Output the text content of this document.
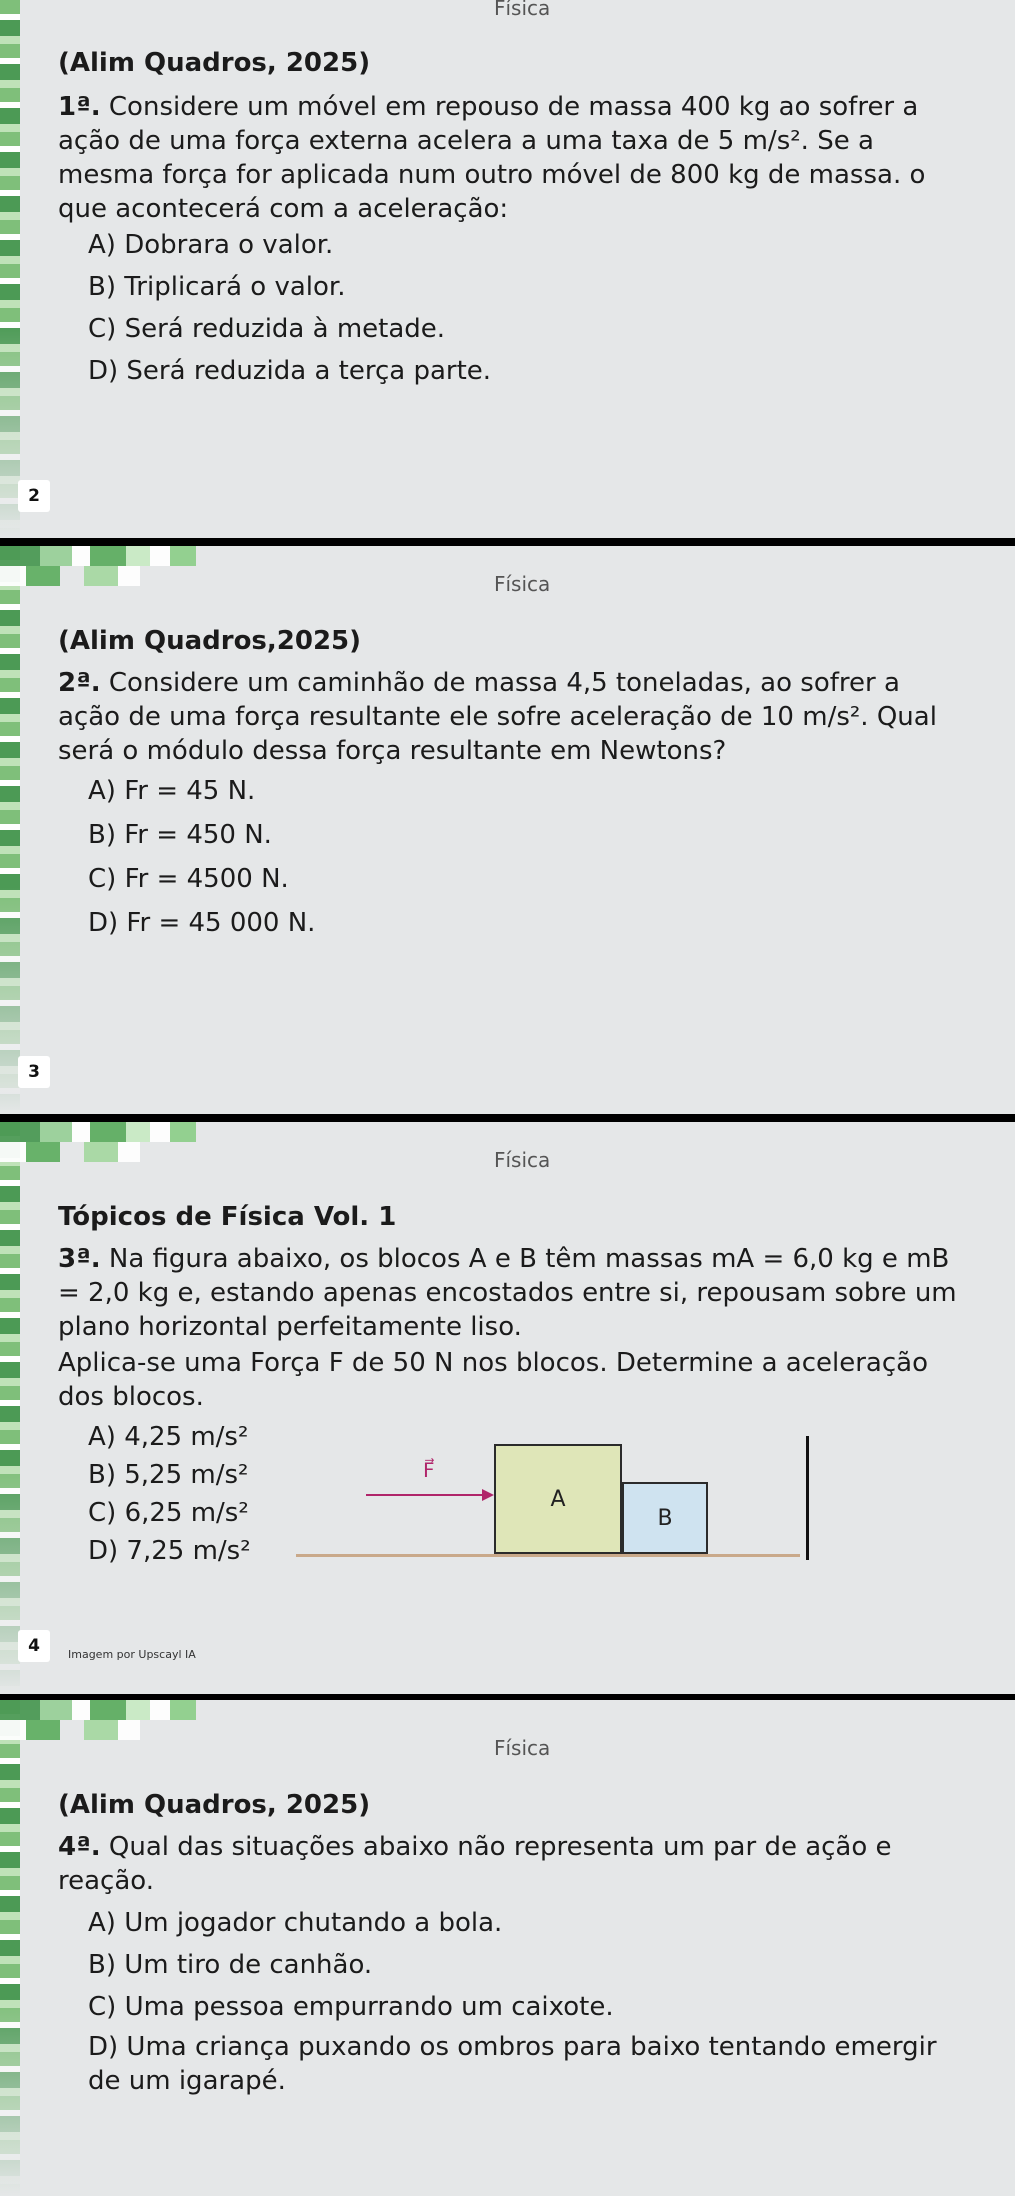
Física
(Alim Quadros, 2025)
1ª. Considere um móvel em repouso de massa 400 kg ao sofrer a ação de uma força externa acelera a uma taxa de 5 m/s². Se a mesma força for aplicada num outro móvel de 800 kg de massa. o que acontecerá com a aceleração:
A) Dobrara o valor.
B) Triplicará o valor.
C) Será reduzida à metade.
D) Será reduzida a terça parte.
2
Física
(Alim Quadros,2025)
2ª. Considere um caminhão de massa 4,5 toneladas, ao sofrer a ação de uma força resultante ele sofre aceleração de 10 m/s². Qual será o módulo dessa força resultante em Newtons?
A) Fr = 45 N.
B) Fr = 450 N.
C) Fr = 4500 N.
D) Fr = 45 000 N.
3
Física
Tópicos de Física Vol. 1
3ª. Na figura abaixo, os blocos A e B têm massas mA = 6,0 kg e mB = 2,0 kg e, estando apenas encostados entre si, repousam sobre um plano horizontal perfeitamente liso.
Aplica-se uma Força F de 50 N nos blocos. Determine a aceleração dos blocos.
A) 4,25 m/s²
B) 5,25 m/s²
C) 6,25 m/s²
D) 7,25 m/s²
F⃗
A
B
4	Imagem por Upscayl IA
Física
(Alim Quadros, 2025)
4ª. Qual das situações abaixo não representa um par de ação e reação.
A) Um jogador chutando a bola.
B) Um tiro de canhão.
C) Uma pessoa empurrando um caixote.
D) Uma criança puxando os ombros para baixo tentando emergir de um igarapé.
